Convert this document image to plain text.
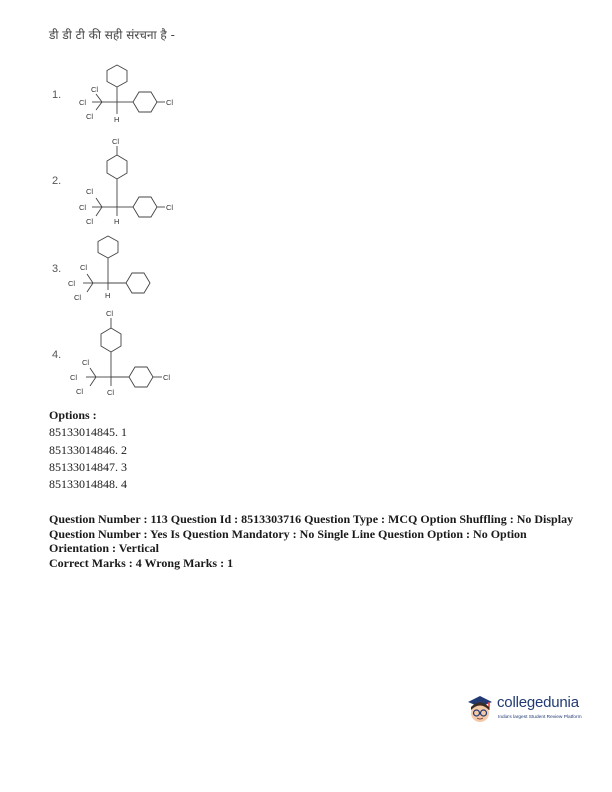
डी डी टी की सही संरचना है -
1.
Cl
H
Cl
Cl
Cl
2.
Cl
Cl
H
Cl
Cl
Cl
3.
H
Cl
Cl
Cl
4.
Cl
Cl
Cl
Cl
Cl
Cl
Options :
85133014845. 1
85133014846. 2
85133014847. 3
85133014848. 4
Question Number : 113 Question Id : 8513303716 Question Type : MCQ Option Shuffling : No Display Question Number : Yes Is Question Mandatory : No Single Line Question Option : No Option Orientation : Vertical
Correct Marks : 4 Wrong Marks : 1
collegedunia
India's largest Student Review Platform
